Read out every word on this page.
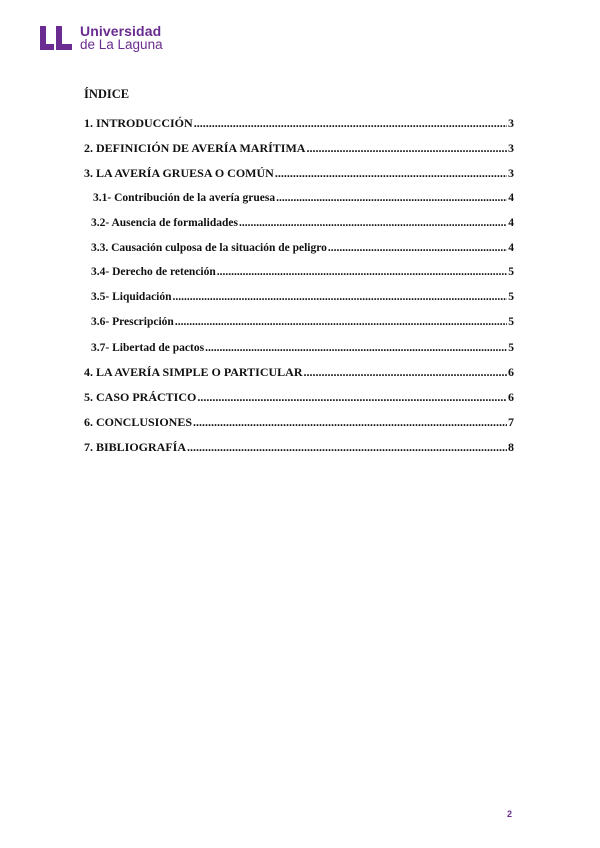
Universidad
de La Laguna
ÍNDICE
1. INTRODUCCIÓN .....	3
2. DEFINICIÓN DE AVERÍA MARÍTIMA .....	3
3. LA AVERÍA GRUESA O COMÚN .....	3
3.1- Contribución de la avería gruesa .....	4
3.2- Ausencia de formalidades .....	4
3.3. Causación culposa de la situación de peligro .....	4
3.4- Derecho de retención .....	5
3.5- Liquidación .....	5
3.6- Prescripción .....	5
3.7- Libertad de pactos .....	5
4. LA AVERÍA SIMPLE O PARTICULAR .....	6
5. CASO PRÁCTICO .....	6
6. CONCLUSIONES .....	7
7. BIBLIOGRAFÍA .....	8
2
